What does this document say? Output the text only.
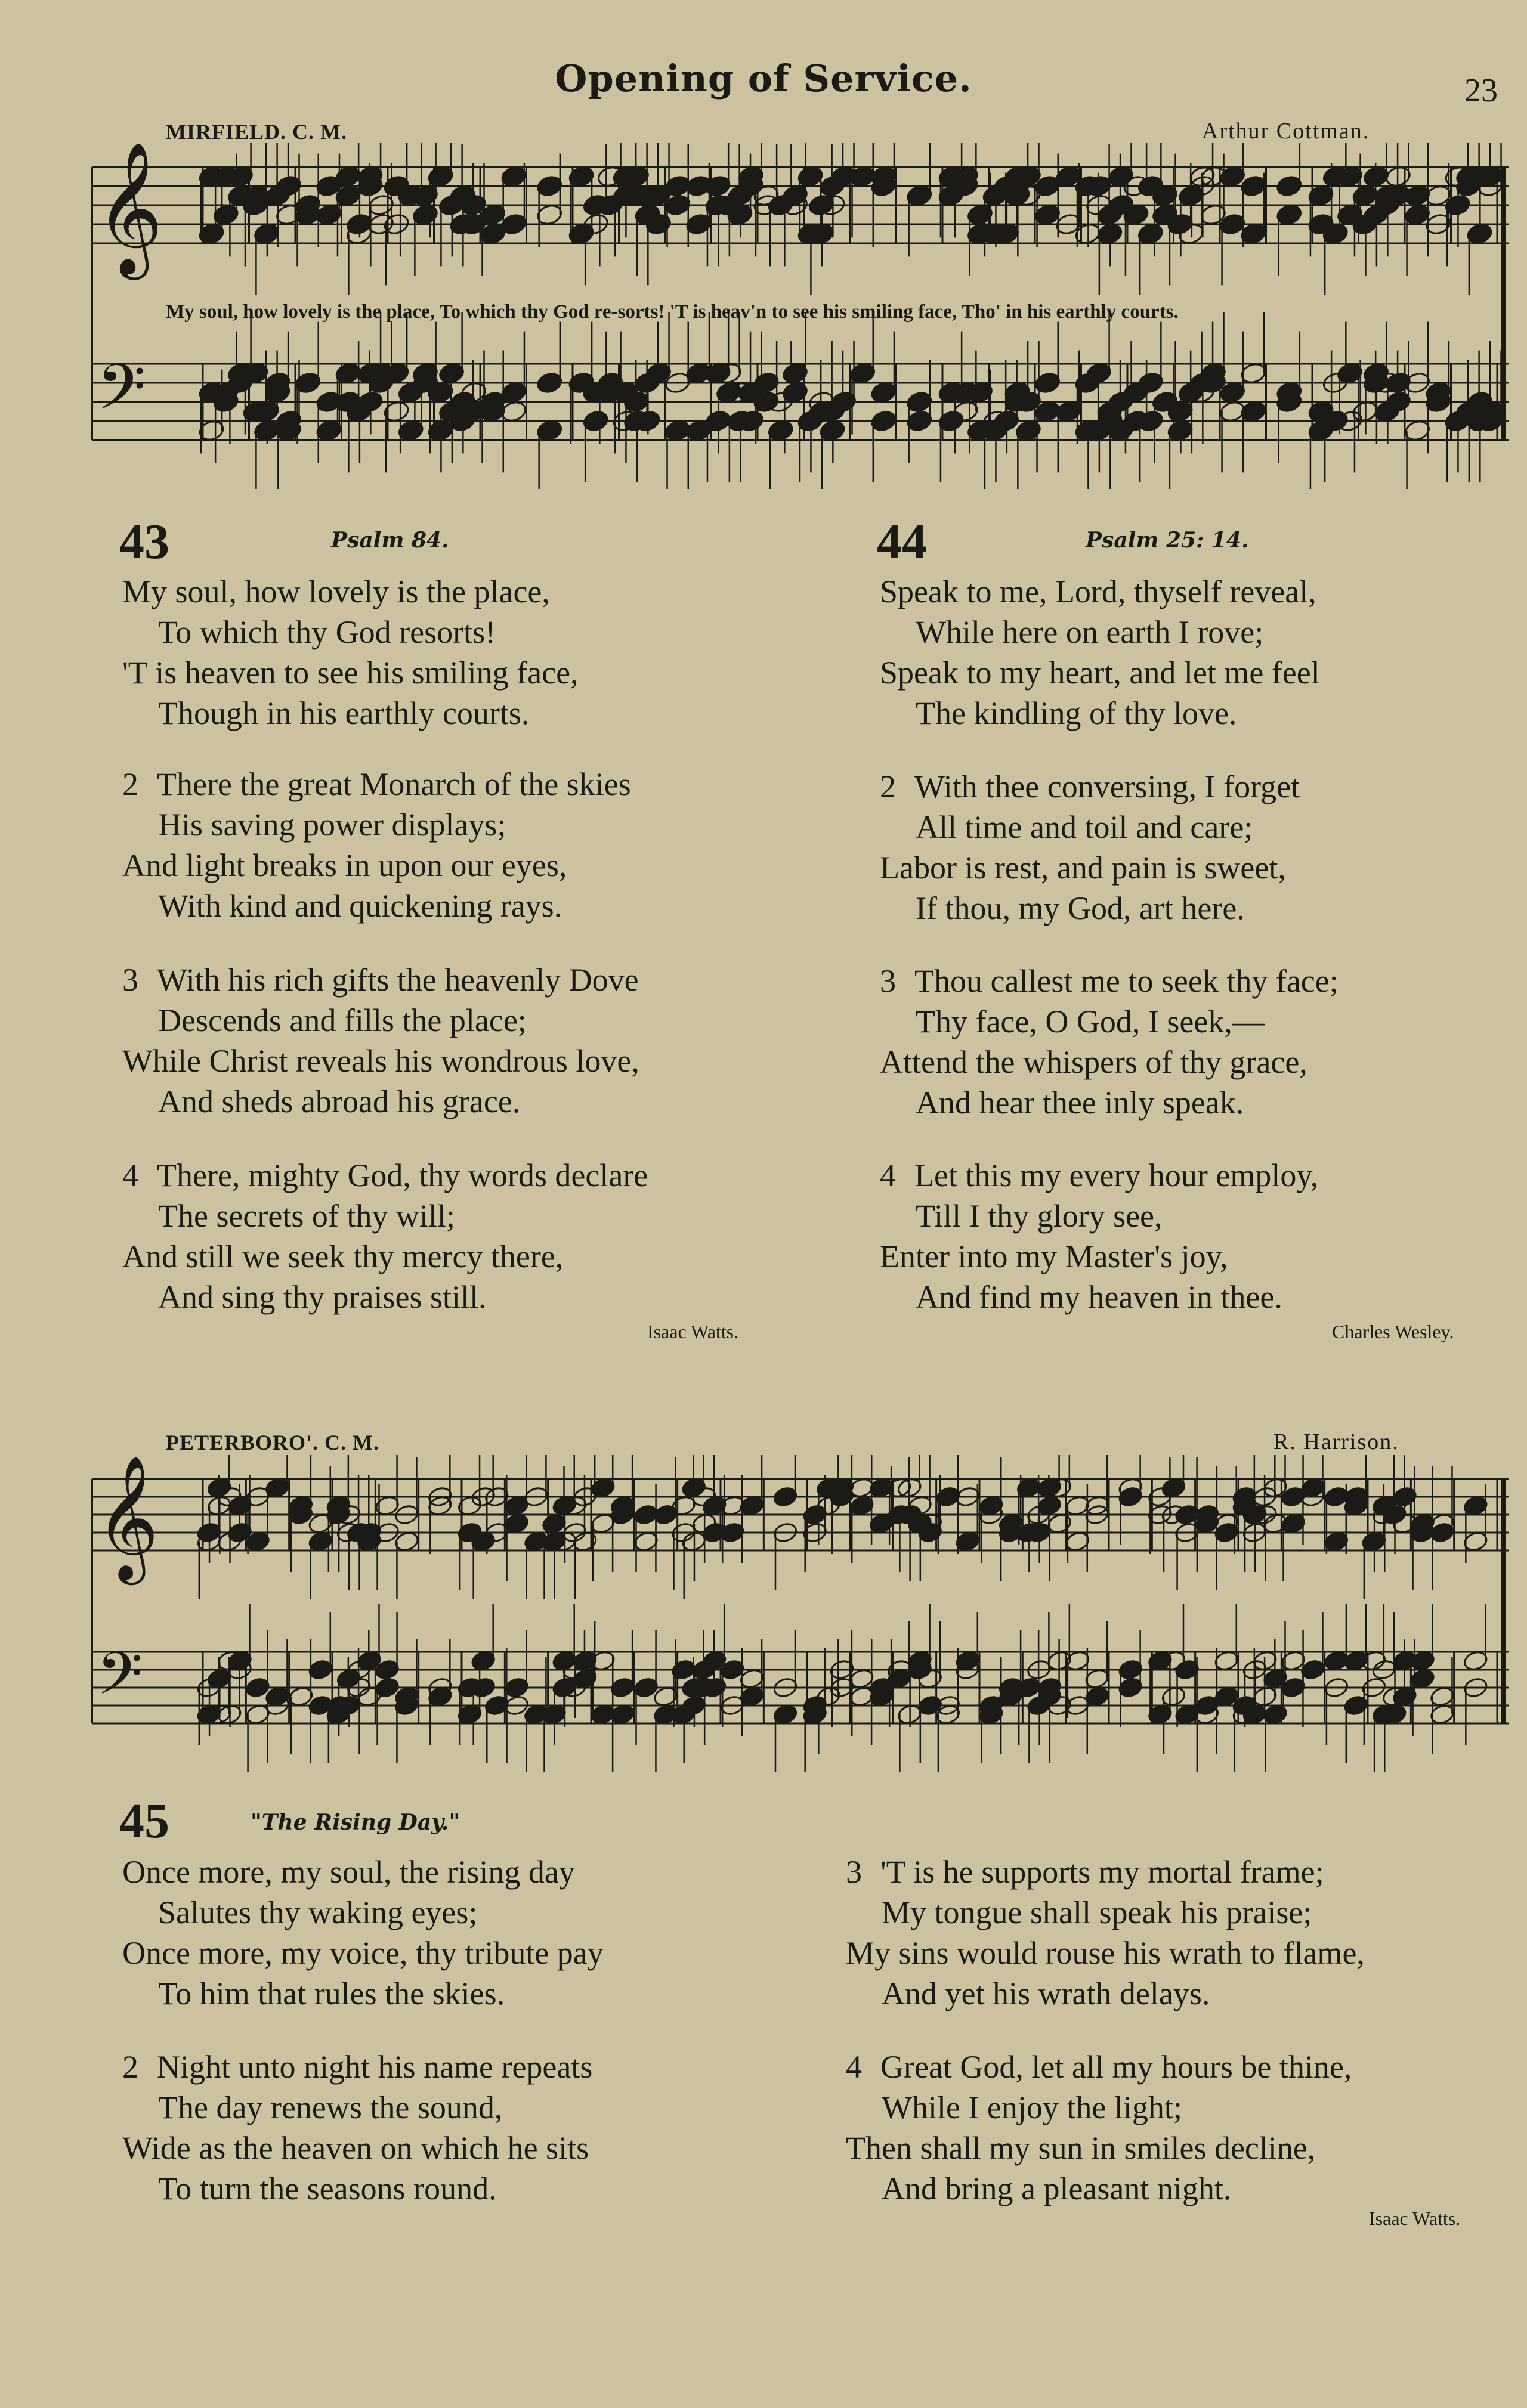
Opening of Service.	23
MIRFIELD. C. M.	Arthur Cottman.
𝄞
𝄢
My soul, how lovely is the place, To which thy God re-sorts! 'T is heav'n to see his smiling face, Tho' in his earthly courts.
43	Psalm 84.
My soul, how lovely is the place,
To which thy God resorts!
'T is heaven to see his smiling face,
Though in his earthly courts.
2 There the great Monarch of the skies
His saving power displays;
And light breaks in upon our eyes,
With kind and quickening rays.
3 With his rich gifts the heavenly Dove
Descends and fills the place;
While Christ reveals his wondrous love,
And sheds abroad his grace.
4 There, mighty God, thy words declare
The secrets of thy will;
And still we seek thy mercy there,
And sing thy praises still.
Isaac Watts.
44	Psalm 25: 14.
Speak to me, Lord, thyself reveal,
While here on earth I rove;
Speak to my heart, and let me feel
The kindling of thy love.
2 With thee conversing, I forget
All time and toil and care;
Labor is rest, and pain is sweet,
If thou, my God, art here.
3 Thou callest me to seek thy face;
Thy face, O God, I seek,—
Attend the whispers of thy grace,
And hear thee inly speak.
4 Let this my every hour employ,
Till I thy glory see,
Enter into my Master's joy,
And find my heaven in thee.
Charles Wesley.
PETERBORO'. C. M.	R. Harrison.
𝄞
𝄢
45	"The Rising Day."
Once more, my soul, the rising day
Salutes thy waking eyes;
Once more, my voice, thy tribute pay
To him that rules the skies.
2 Night unto night his name repeats
The day renews the sound,
Wide as the heaven on which he sits
To turn the seasons round.
3 'T is he supports my mortal frame;
My tongue shall speak his praise;
My sins would rouse his wrath to flame,
And yet his wrath delays.
4 Great God, let all my hours be thine,
While I enjoy the light;
Then shall my sun in smiles decline,
And bring a pleasant night.
Isaac Watts.
